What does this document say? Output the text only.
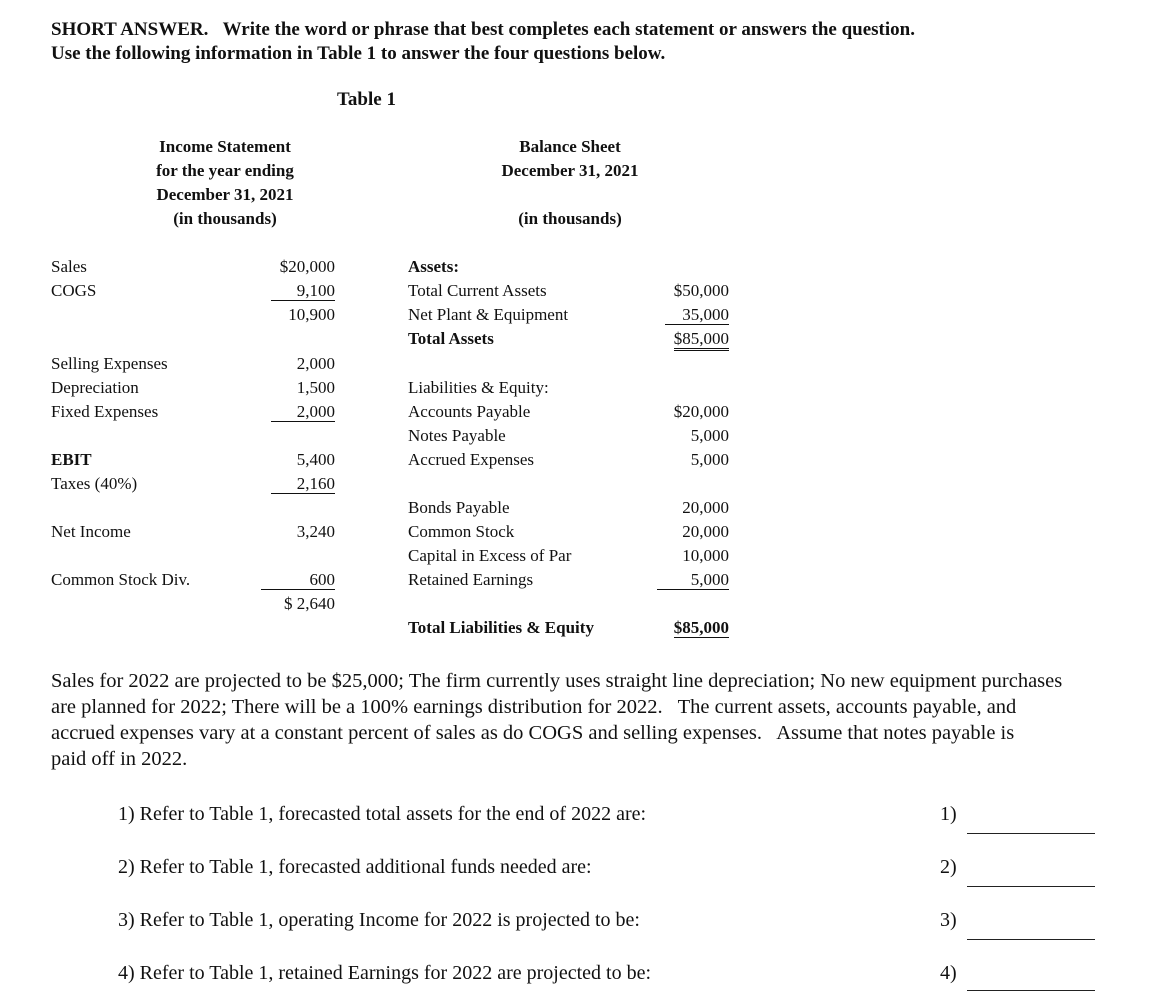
SHORT ANSWER. Write the word or phrase that best completes each statement or answers the question.
Use the following information in Table 1 to answer the four questions below.
Table 1
Income Statement
for the year ending
December 31, 2021
(in thousands)
Balance Sheet
December 31, 2021
(in thousands)
Sales	$20,000
COGS	9,100
10,900
Selling Expenses	2,000
Depreciation	1,500
Fixed Expenses	2,000
EBIT	5,400
Taxes (40%)	2,160
Net Income	3,240
Common Stock Div.	600
$ 2,640
Assets:
Total Current Assets	$50,000
Net Plant & Equipment	35,000
Total Assets	$85,000
Liabilities & Equity:
Accounts Payable	$20,000
Notes Payable	5,000
Accrued Expenses	5,000
Bonds Payable	20,000
Common Stock	20,000
Capital in Excess of Par	10,000
Retained Earnings	5,000
Total Liabilities & Equity	$85,000
Sales for 2022 are projected to be $25,000; The firm currently uses straight line depreciation; No new equipment purchases
are planned for 2022; There will be a 100% earnings distribution for 2022.   The current assets, accounts payable, and
accrued expenses vary at a constant percent of sales as do COGS and selling expenses.   Assume that notes payable is
paid off in 2022.
1) Refer to Table 1, forecasted total assets for the end of 2022 are:	1)
2) Refer to Table 1, forecasted additional funds needed are:	2)
3) Refer to Table 1, operating Income for 2022 is projected to be:	3)
4) Refer to Table 1, retained Earnings for 2022 are projected to be:	4)
